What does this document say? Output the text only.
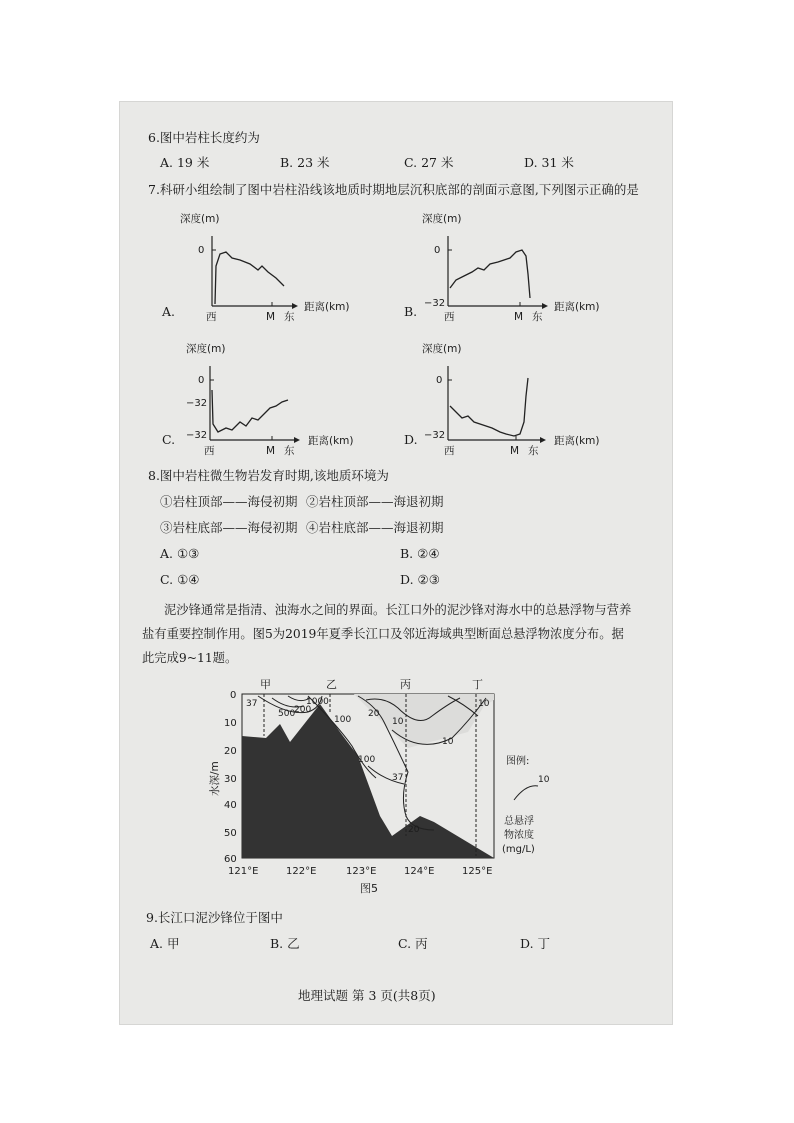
6.图中岩柱长度约为
A. 19 米	B. 23 米	C. 27 米	D. 31 米
7.科研小组绘制了图中岩柱沿线该地质时期地层沉积底部的剖面示意图,下列图示正确的是
A.
深度(m)
0
−32
西	M 东
距离(km)	B.
深度(m)
0
−32
西	M 东
距离(km)
C.
深度(m)
0
−32
西	M 东
距离(km)	D.
深度(m)
0
−32
西	M 东
距离(km)
8.图中岩柱微生物岩发育时期,该地质环境为
①岩柱顶部——海侵初期 ②岩柱顶部——海退初期
③岩柱底部——海侵初期 ④岩柱底部——海退初期
A. ①③	B. ②④
C. ①④	D. ②③
泥沙锋通常是指清、浊海水之间的界面。长江口外的泥沙锋对海水中的总悬浮物与营养
盐有重要控制作用。图5为2019年夏季长江口及邻近海域典型断面总悬浮物浓度分布。据
此完成9~11题。
甲	乙	丙	丁
37
500
200
1000
100
20
10
10
10
100
37
20
0
10
20
30
40
50
60
水深/m
121°E	122°E	123°E	124°E	125°E
图5
图例:
10
总悬浮
物浓度
(mg/L)
9.长江口泥沙锋位于图中
A. 甲	B. 乙	C. 丙	D. 丁
地理试题 第 3 页(共8页)
